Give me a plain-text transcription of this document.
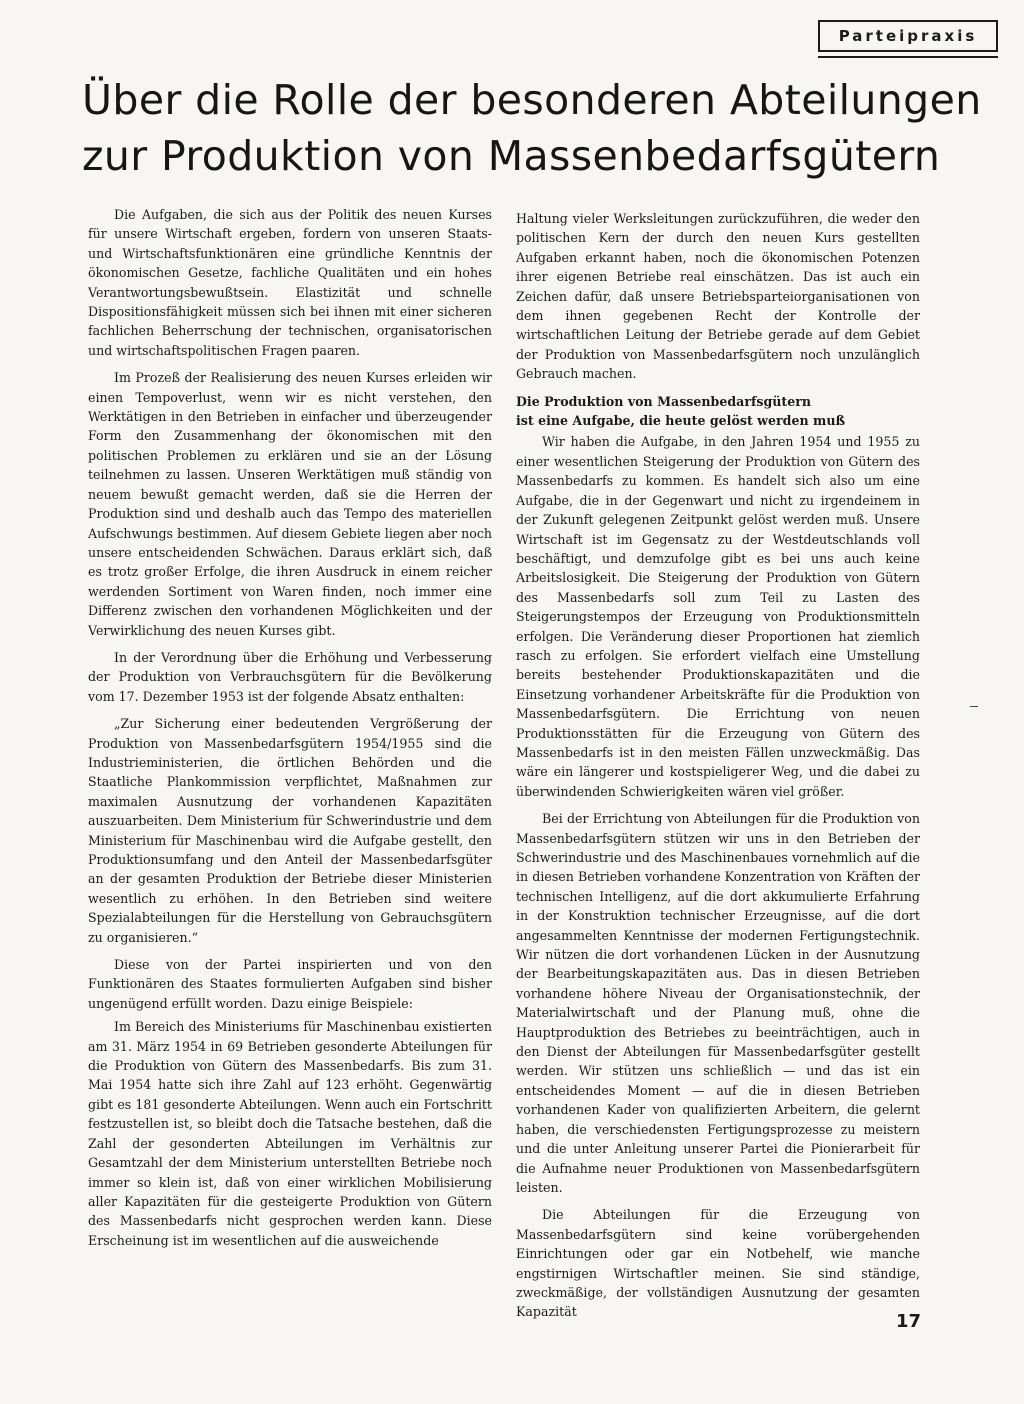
Parteipraxis
Über die Rolle der besonderen Abteilungen
zur Produktion von Massenbedarfsgütern

Die Aufgaben, die sich aus der Politik des neuen Kurses für unsere Wirtschaft ergeben, fordern von unseren Staats- und Wirtschaftsfunktionären eine gründliche Kenntnis der ökonomischen Gesetze, fachliche Qualitäten und ein hohes Verantwortungsbewußtsein. Elastizität und schnelle Dispositionsfähigkeit müssen sich bei ihnen mit einer sicheren fachlichen Beherrschung der technischen, organisatorischen und wirtschaftspolitischen Fragen paaren.

Im Prozeß der Realisierung des neuen Kurses erleiden wir einen Tempoverlust, wenn wir es nicht verstehen, den Werktätigen in den Betrieben in einfacher und überzeugender Form den Zusammenhang der ökonomischen mit den politischen Problemen zu erklären und sie an der Lösung teilnehmen zu lassen. Unseren Werktätigen muß ständig von neuem bewußt gemacht werden, daß sie die Herren der Produktion sind und deshalb auch das Tempo des materiellen Aufschwungs bestimmen. Auf diesem Gebiete liegen aber noch unsere entscheidenden Schwächen. Daraus erklärt sich, daß es trotz großer Erfolge, die ihren Ausdruck in einem reicher werdenden Sortiment von Waren finden, noch immer eine Differenz zwischen den vorhandenen Möglichkeiten und der Verwirklichung des neuen Kurses gibt.

In der Verordnung über die Erhöhung und Verbesserung der Produktion von Verbrauchsgütern für die Bevölkerung vom 17. Dezember 1953 ist der folgende Absatz enthalten:

„Zur Sicherung einer bedeutenden Vergrößerung der Produktion von Massenbedarfsgütern 1954/1955 sind die Industrieministerien, die örtlichen Behörden und die Staatliche Plankommission verpflichtet, Maßnahmen zur maximalen Ausnutzung der vorhandenen Kapazitäten auszuarbeiten. Dem Ministerium für Schwerindustrie und dem Ministerium für Maschinenbau wird die Aufgabe gestellt, den Produktionsumfang und den Anteil der Massenbedarfsgüter an der gesamten Produktion der Betriebe dieser Ministerien wesentlich zu erhöhen. In den Betrieben sind weitere Spezialabteilungen für die Herstellung von Gebrauchsgütern zu organisieren.“

Diese von der Partei inspirierten und von den Funktionären des Staates formulierten Aufgaben sind bisher ungenügend erfüllt worden. Dazu einige Beispiele:

Im Bereich des Ministeriums für Maschinenbau existierten am 31. März 1954 in 69 Betrieben gesonderte Abteilungen für die Produktion von Gütern des Massenbedarfs. Bis zum 31. Mai 1954 hatte sich ihre Zahl auf 123 erhöht. Gegenwärtig gibt es 181 gesonderte Abteilungen. Wenn auch ein Fortschritt festzustellen ist, so bleibt doch die Tatsache bestehen, daß die Zahl der gesonderten Abteilungen im Verhältnis zur Gesamtzahl der dem Ministerium unterstellten Betriebe noch immer so klein ist, daß von einer wirklichen Mobilisierung aller Kapazitäten für die gesteigerte Produktion von Gütern des Massenbedarfs nicht gesprochen werden kann. Diese Erscheinung ist im wesentlichen auf die ausweichende

Haltung vieler Werksleitungen zurückzuführen, die weder den politischen Kern der durch den neuen Kurs gestellten Aufgaben erkannt haben, noch die ökonomischen Potenzen ihrer eigenen Betriebe real einschätzen. Das ist auch ein Zeichen dafür, daß unsere Betriebsparteiorganisationen von dem ihnen gegebenen Recht der Kontrolle der wirtschaftlichen Leitung der Betriebe gerade auf dem Gebiet der Produktion von Massenbedarfsgütern noch unzulänglich Gebrauch machen.

Die Produktion von Massenbedarfsgütern
ist eine Aufgabe, die heute gelöst werden muß

Wir haben die Aufgabe, in den Jahren 1954 und 1955 zu einer wesentlichen Steigerung der Produktion von Gütern des Massenbedarfs zu kommen. Es handelt sich also um eine Aufgabe, die in der Gegenwart und nicht zu irgendeinem in der Zukunft gelegenen Zeitpunkt gelöst werden muß. Unsere Wirtschaft ist im Gegensatz zu der Westdeutschlands voll beschäftigt, und demzufolge gibt es bei uns auch keine Arbeitslosigkeit. Die Steigerung der Produktion von Gütern des Massenbedarfs soll zum Teil zu Lasten des Steigerungstempos der Erzeugung von Produktionsmitteln erfolgen. Die Veränderung dieser Proportionen hat ziemlich rasch zu erfolgen. Sie erfordert vielfach eine Umstellung bereits bestehender Produktionskapazitäten und die Einsetzung vorhandener Arbeitskräfte für die Produktion von Massenbedarfsgütern. Die Errichtung von neuen Produktionsstätten für die Erzeugung von Gütern des Massenbedarfs ist in den meisten Fällen unzweckmäßig. Das wäre ein längerer und kostspieligerer Weg, und die dabei zu überwindenden Schwierigkeiten wären viel größer.

Bei der Errichtung von Abteilungen für die Produktion von Massenbedarfsgütern stützen wir uns in den Betrieben der Schwerindustrie und des Maschinenbaues vornehmlich auf die in diesen Betrieben vorhandene Konzentration von Kräften der technischen Intelligenz, auf die dort akkumulierte Erfahrung in der Konstruktion technischer Erzeugnisse, auf die dort angesammelten Kenntnisse der modernen Fertigungstechnik. Wir nützen die dort vorhandenen Lücken in der Ausnutzung der Bearbeitungskapazitäten aus. Das in diesen Betrieben vorhandene höhere Niveau der Organisationstechnik, der Materialwirtschaft und der Planung muß, ohne die Hauptproduktion des Betriebes zu beeinträchtigen, auch in den Dienst der Abteilungen für Massenbedarfsgüter gestellt werden. Wir stützen uns schließlich — und das ist ein entscheidendes Moment — auf die in diesen Betrieben vorhandenen Kader von qualifizierten Arbeitern, die gelernt haben, die verschiedensten Fertigungsprozesse zu meistern und die unter Anleitung unserer Partei die Pionierarbeit für die Aufnahme neuer Produktionen von Massenbedarfsgütern leisten.

Die Abteilungen für die Erzeugung von Massenbedarfsgütern sind keine vorübergehenden Einrichtungen oder gar ein Notbehelf, wie manche engstirnigen Wirtschaftler meinen. Sie sind ständige, zweckmäßige, der vollständigen Ausnutzung der gesamten Kapazität	17
